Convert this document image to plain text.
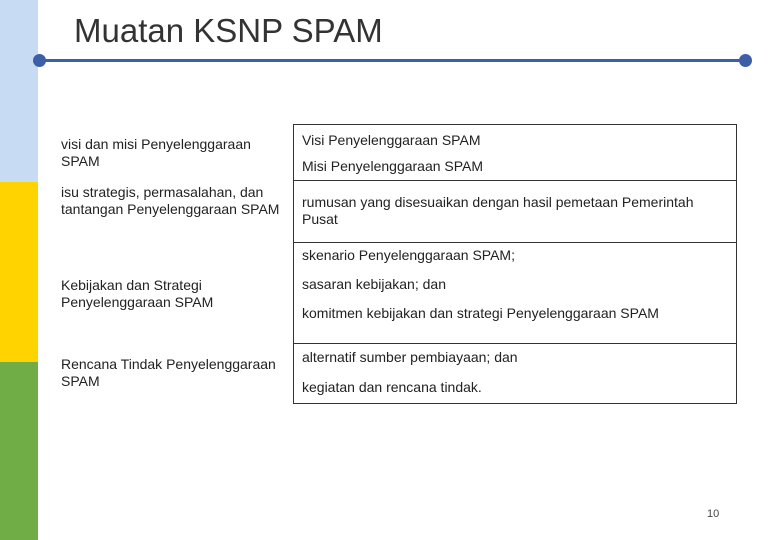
Muatan KSNP SPAM
visi dan misi Penyelenggaraan SPAM
Visi Penyelenggaraan SPAM
Misi Penyelenggaraan SPAM
isu strategis, permasalahan, dan tantangan Penyelenggaraan SPAM	rumusan yang disesuaikan dengan hasil pemetaan Pemerintah Pusat
Kebijakan dan Strategi Penyelenggaraan SPAM
skenario Penyelenggaraan SPAM;
sasaran kebijakan; dan
komitmen kebijakan dan strategi Penyelenggaraan SPAM
Rencana Tindak Penyelenggaraan SPAM
alternatif sumber pembiayaan; dan
kegiatan dan rencana tindak.
10
